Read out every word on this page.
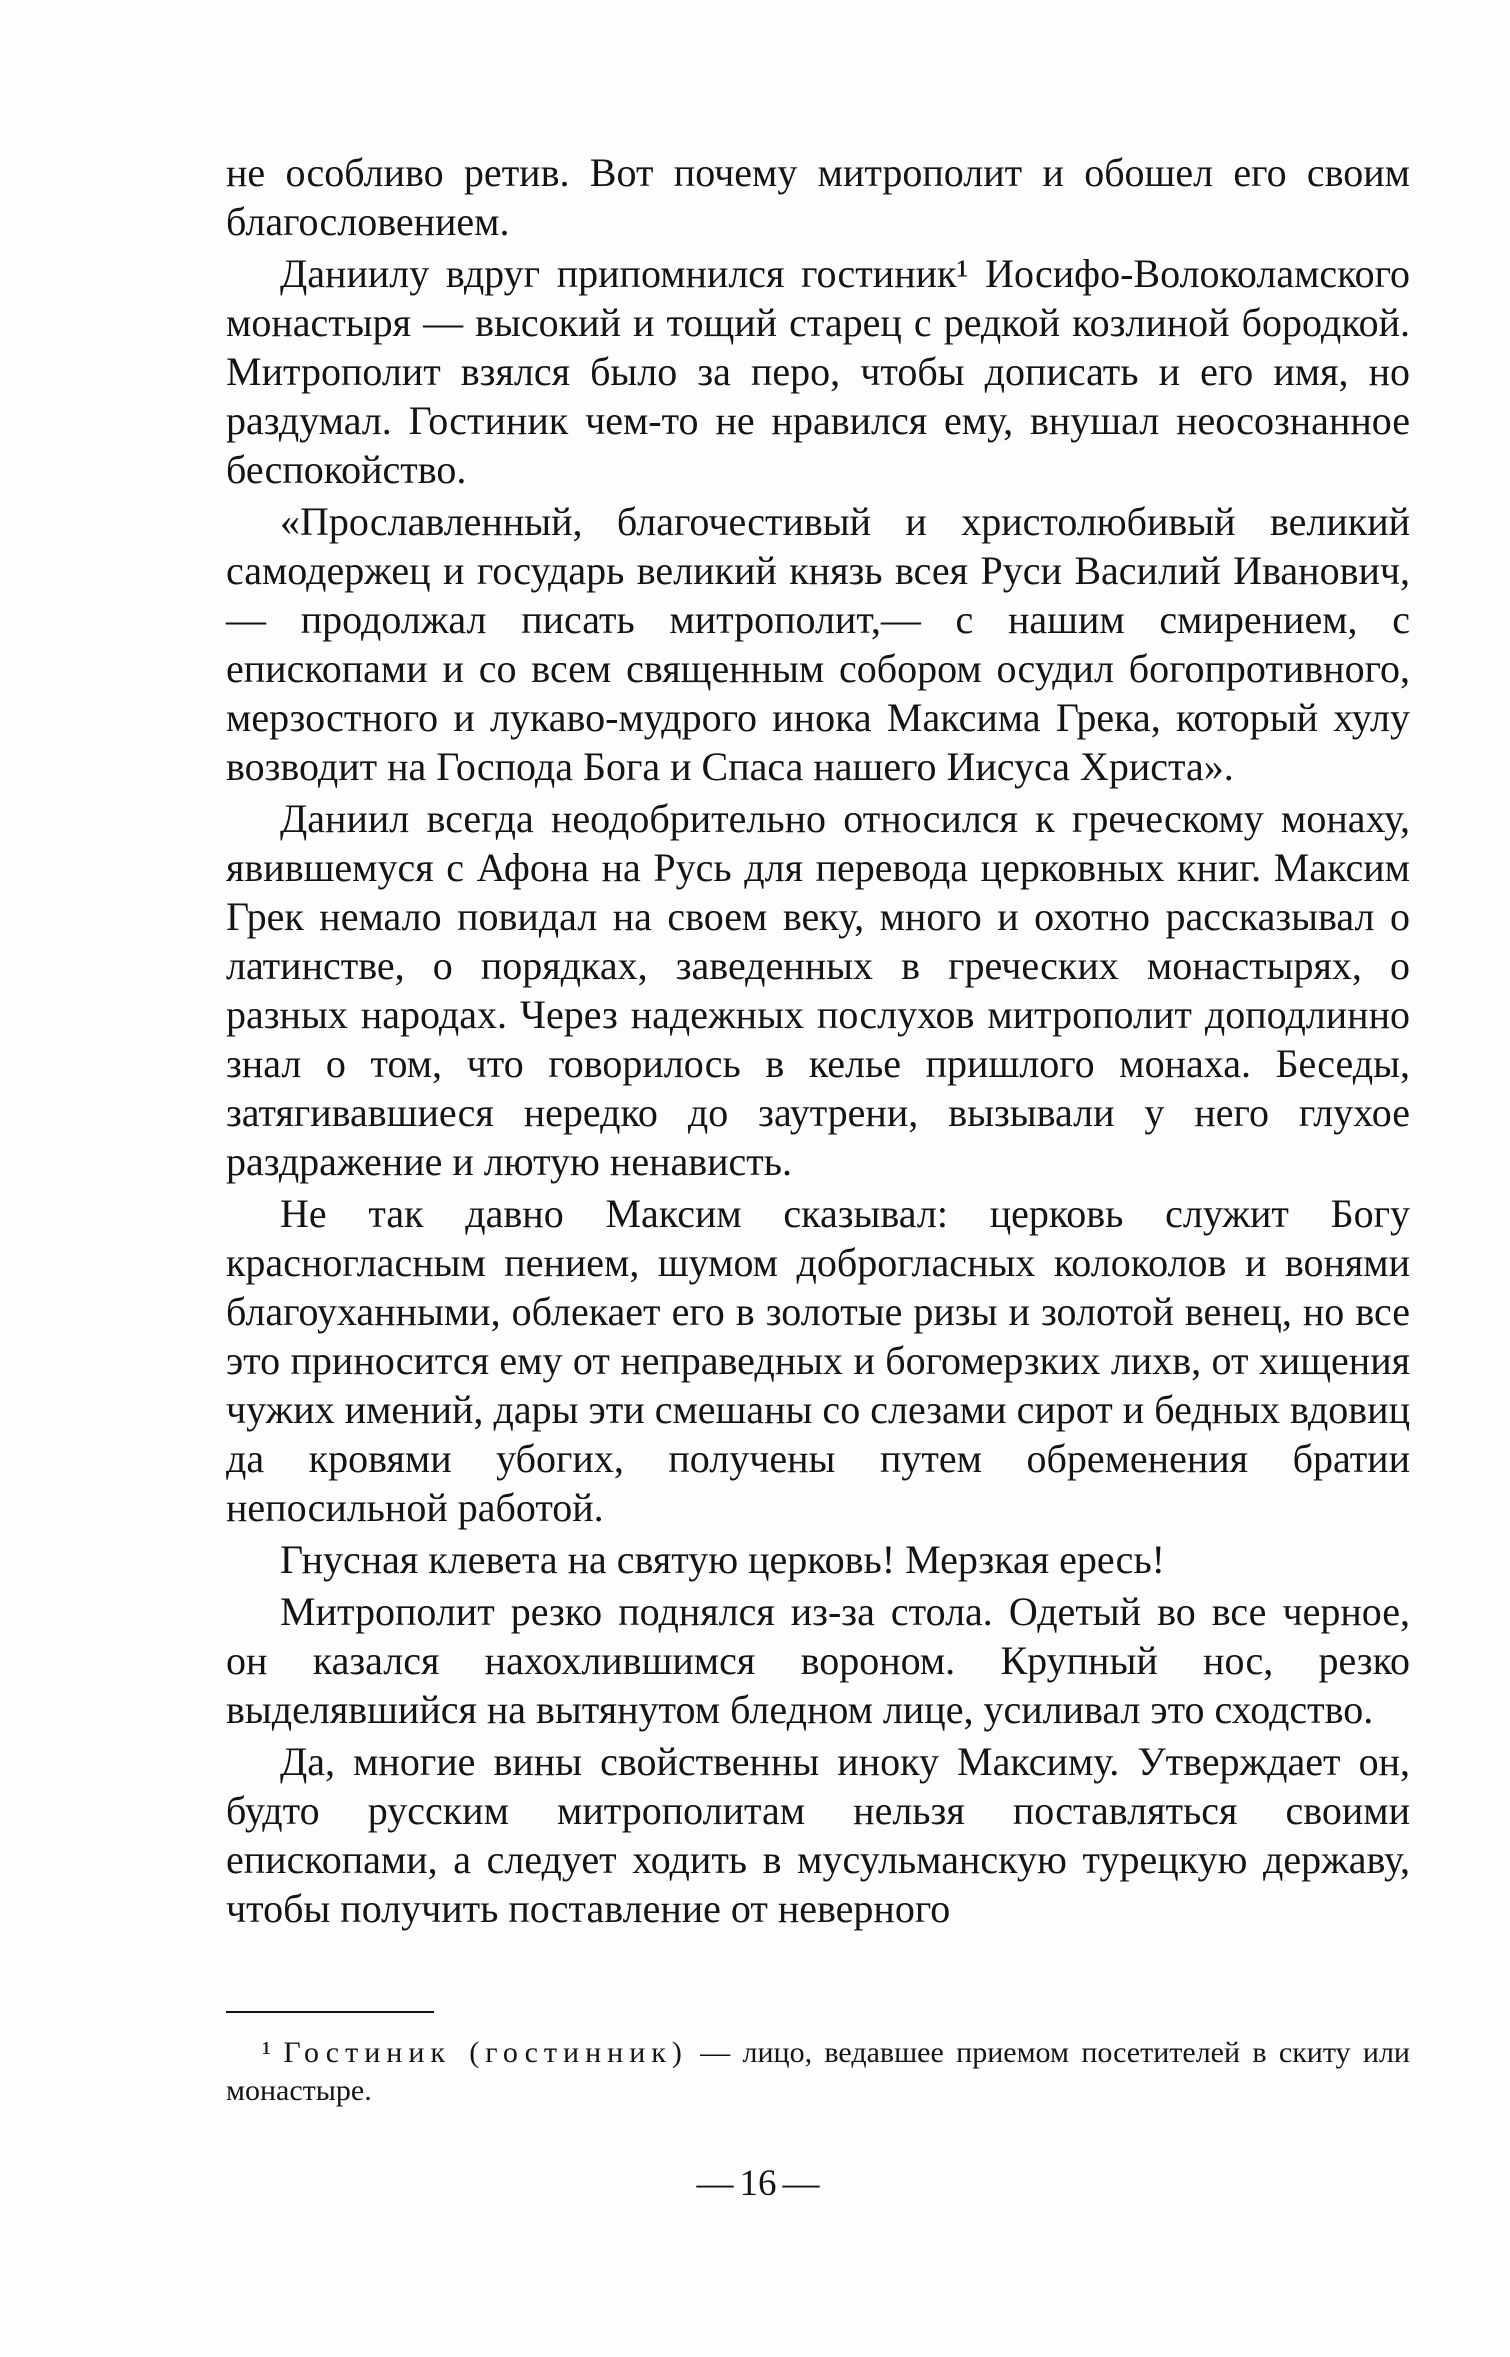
не особливо ретив. Вот почему митрополит и обошел его своим благословением.

Даниилу вдруг припомнился гостиник¹ Иосифо-Волоколамского монастыря — высокий и тощий старец с редкой козлиной бородкой. Митрополит взялся было за перо, чтобы дописать и его имя, но раздумал. Гостиник чем-то не нравился ему, внушал неосознанное беспокойство.

«Прославленный, благочестивый и христолюбивый великий самодержец и государь великий князь всея Руси Василий Иванович,— продолжал писать митрополит,— с нашим смирением, с епископами и со всем священным собором осудил богопротивного, мерзостного и лукаво-мудрого инока Максима Грека, который хулу возводит на Господа Бога и Спаса нашего Иисуса Христа».

Даниил всегда неодобрительно относился к греческому монаху, явившемуся с Афона на Русь для перевода церковных книг. Максим Грек немало повидал на своем веку, много и охотно рассказывал о латинстве, о порядках, заведенных в греческих монастырях, о разных народах. Через надежных послухов митрополит доподлинно знал о том, что говорилось в келье пришлого монаха. Беседы, затягивавшиеся нередко до заутрени, вызывали у него глухое раздражение и лютую ненависть.

Не так давно Максим сказывал: церковь служит Богу красногласным пением, шумом доброгласных колоколов и вонями благоуханными, облекает его в золотые ризы и золотой венец, но все это приносится ему от неправедных и богомерзких лихв, от хищения чужих имений, дары эти смешаны со слезами сирот и бедных вдовиц да кровями убогих, получены путем обременения братии непосильной работой.

Гнусная клевета на святую церковь! Мерзкая ересь!

Митрополит резко поднялся из-за стола. Одетый во все черное, он казался нахохлившимся вороном. Крупный нос, резко выделявшийся на вытянутом бледном лице, усиливал это сходство.

Да, многие вины свойственны иноку Максиму. Утверждает он, будто русским митрополитам нельзя поставляться своими епископами, а следует ходить в мусульманскую турецкую державу, чтобы получить поставление от неверного

¹ Гостиник (гостинник) — лицо, ведавшее приемом посетителей в скиту или монастыре.
— 16 —
